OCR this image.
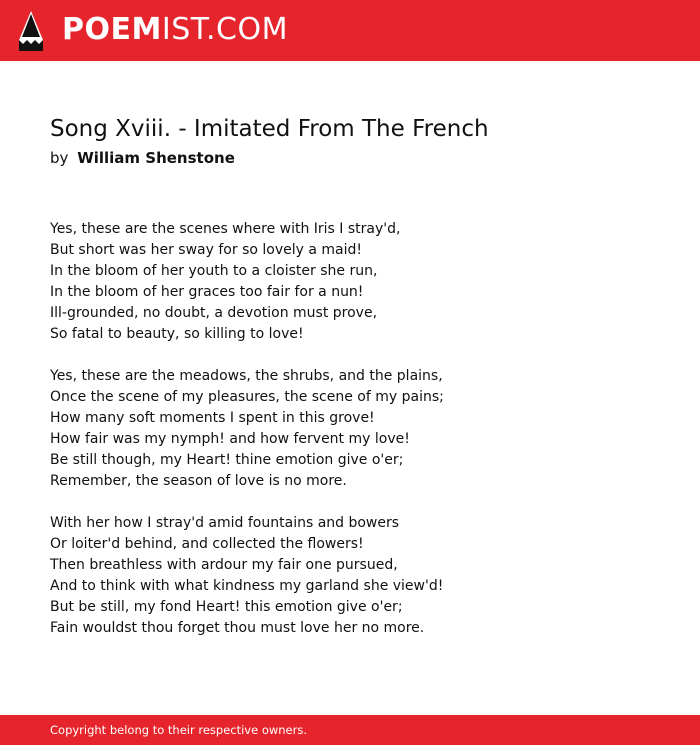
POEMIST.COM
Song Xviii. - Imitated From The French
by William Shenstone
Yes, these are the scenes where with Iris I stray'd,
But short was her sway for so lovely a maid!
In the bloom of her youth to a cloister she run,
In the bloom of her graces too fair for a nun!
Ill-grounded, no doubt, a devotion must prove,
So fatal to beauty, so killing to love!
Yes, these are the meadows, the shrubs, and the plains,
Once the scene of my pleasures, the scene of my pains;
How many soft moments I spent in this grove!
How fair was my nymph! and how fervent my love!
Be still though, my Heart! thine emotion give o'er;
Remember, the season of love is no more.
With her how I stray'd amid fountains and bowers
Or loiter'd behind, and collected the flowers!
Then breathless with ardour my fair one pursued,
And to think with what kindness my garland she view'd!
But be still, my fond Heart! this emotion give o'er;
Fain wouldst thou forget thou must love her no more.
Copyright belong to their respective owners.
